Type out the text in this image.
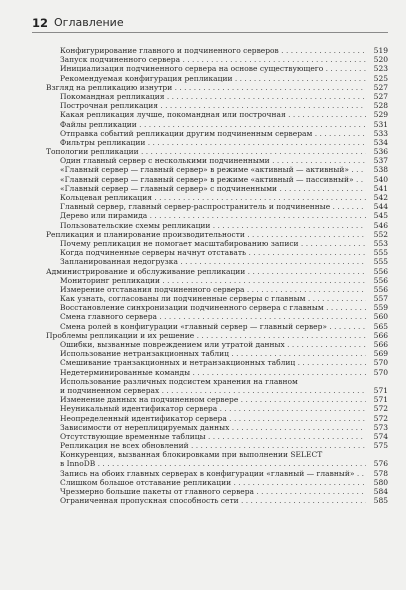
12 Оглавление
Конфигурирование главного и подчиненного серверов . . .	519
Запуск подчиненного сервера . . .	520
Инициализация подчиненного сервера на основе существующего . . .	523
Рекомендуемая конфигурация репликации . . .	525
Взгляд на репликацию изнутри . . .	527
Покомандная репликация . . .	527
Построчная репликация . . .	528
Какая репликация лучше, покомандная или построчная . . .	529
Файлы репликации . . .	531
Отправка событий репликации другим подчиненным серверам . . .	533
Фильтры репликации . . .	534
Топологии репликации . . .	536
Один главный сервер с несколькими подчиненными . . .	537
«Главный сервер — главный сервер» в режиме «активный — активный» . . .	538
«Главный сервер — главный сервер» в режиме «активный — пассивный» . . .	540
«Главный сервер — главный сервер» с подчиненными . . .	541
Кольцевая репликация . . .	542
Главный сервер, главный сервер-распространитель и подчиненные . . .	544
Дерево или пирамида . . .	545
Пользовательские схемы репликации . . .	546
Репликация и планирование производительности . . .	552
Почему репликация не помогает масштабированию записи . . .	553
Когда подчиненные серверы начнут отставать . . .	555
Запланированная недогрузка . . .	555
Администрирование и обслуживание репликации . . .	556
Мониторинг репликации . . .	556
Измерение отставания подчиненного сервера . . .	556
Как узнать, согласованы ли подчиненные серверы с главным . . .	557
Восстановление синхронизации подчиненного сервера с главным . . .	559
Смена главного сервера . . .	560
Смена ролей в конфигурации «главный сервер — главный сервер» . . .	565
Проблемы репликации и их решение . . .	566
Ошибки, вызванные повреждением или утратой данных . . .	566
Использование нетранзакционных таблиц . . .	569
Смешивание транзакционных и нетранзакционных таблиц . . .	570
Недетерминированные команды . . .	570
Использование различных подсистем хранения на главном
и подчиненном серверах . . .	571
Изменение данных на подчиненном сервере . . .	571
Неуникальный идентификатор сервера . . .	572
Неопределенный идентификатор сервера . . .	572
Зависимости от нереплицируемых данных . . .	573
Отсутствующие временные таблицы . . .	574
Репликация не всех обновлений . . .	575
Конкуренция, вызванная блокировками при выполнении SELECT
в InnoDB . . .	576
Запись на обоих главных серверах в конфигурации «главный — главный» . . .	578
Слишком большое отставание репликации . . .	580
Чрезмерно большие пакеты от главного сервера . . .	584
Ограниченная пропускная способность сети . . .	585
